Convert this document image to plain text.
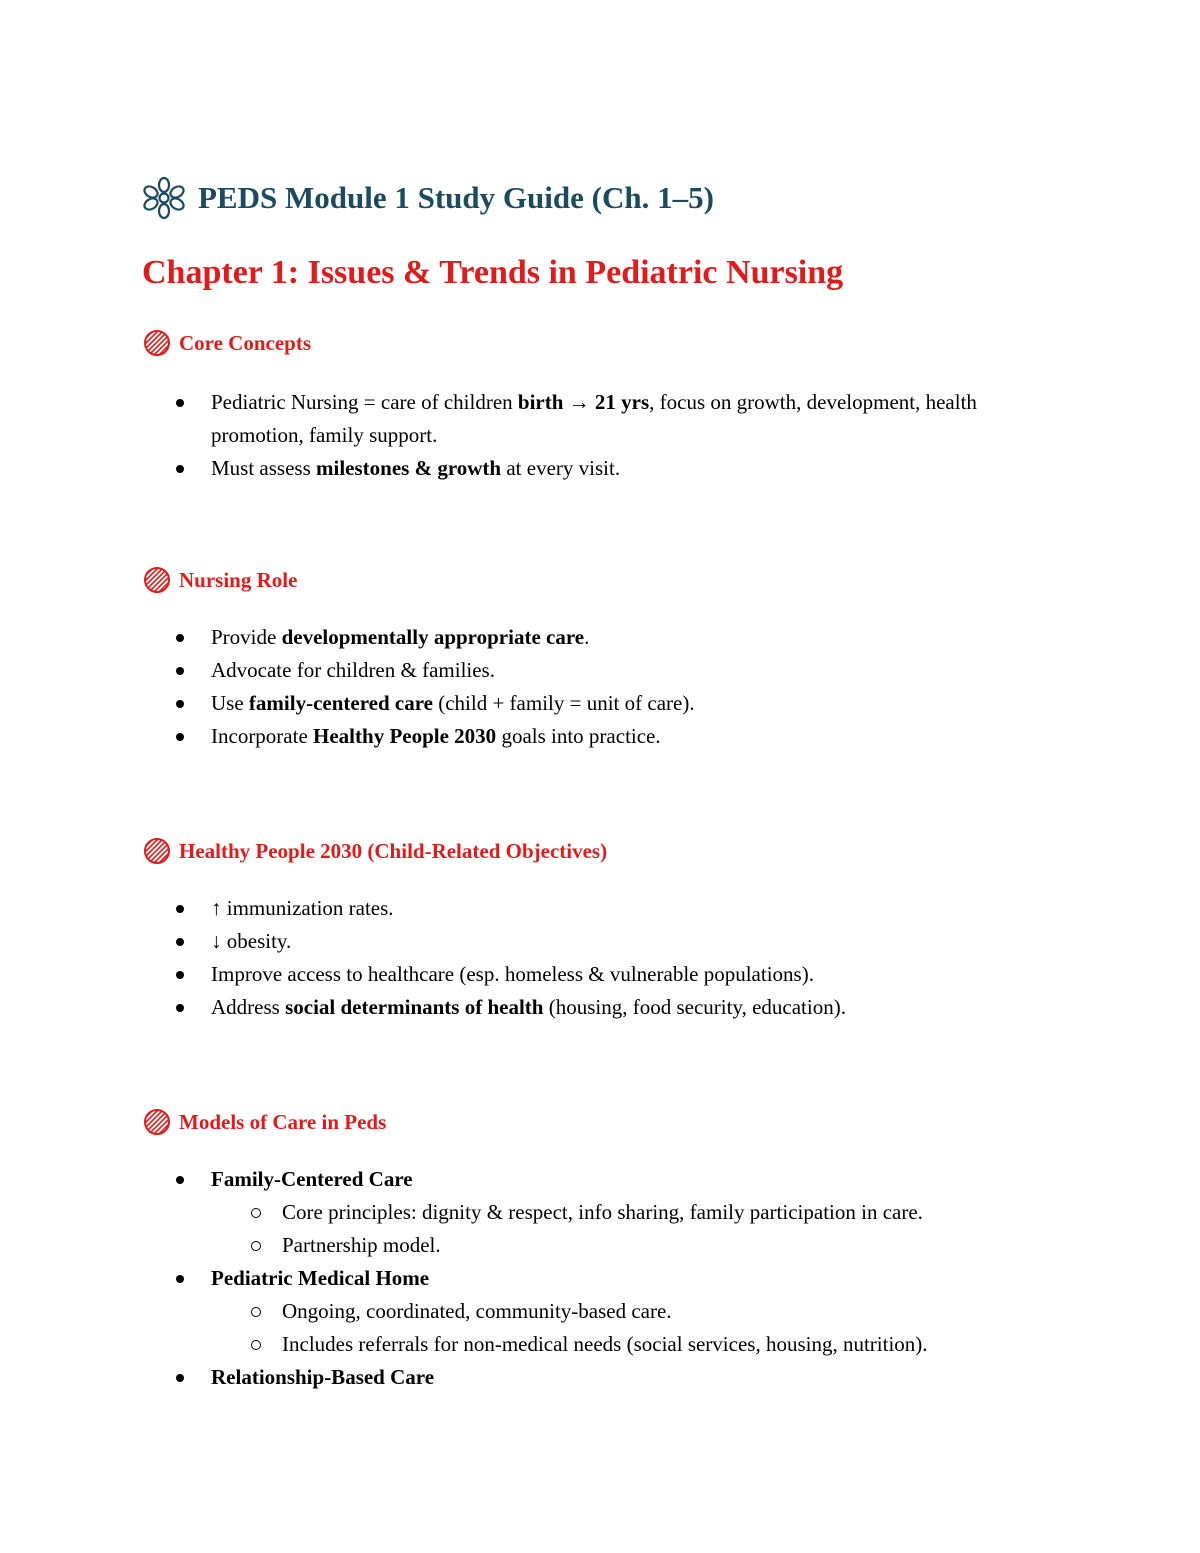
PEDS Module 1 Study Guide (Ch. 1–5)
Chapter 1: Issues & Trends in Pediatric Nursing
Core Concepts
Pediatric Nursing = care of children birth → 21 yrs, focus on growth, development, health promotion, family support.
Must assess milestones & growth at every visit.
Nursing Role
Provide developmentally appropriate care.
Advocate for children & families.
Use family-centered care (child + family = unit of care).
Incorporate Healthy People 2030 goals into practice.
Healthy People 2030 (Child-Related Objectives)
↑ immunization rates.
↓ obesity.
Improve access to healthcare (esp. homeless & vulnerable populations).
Address social determinants of health (housing, food security, education).
Models of Care in Peds
Family-Centered Care
Core principles: dignity & respect, info sharing, family participation in care.
Partnership model.
Pediatric Medical Home
Ongoing, coordinated, community-based care.
Includes referrals for non-medical needs (social services, housing, nutrition).
Relationship-Based Care
